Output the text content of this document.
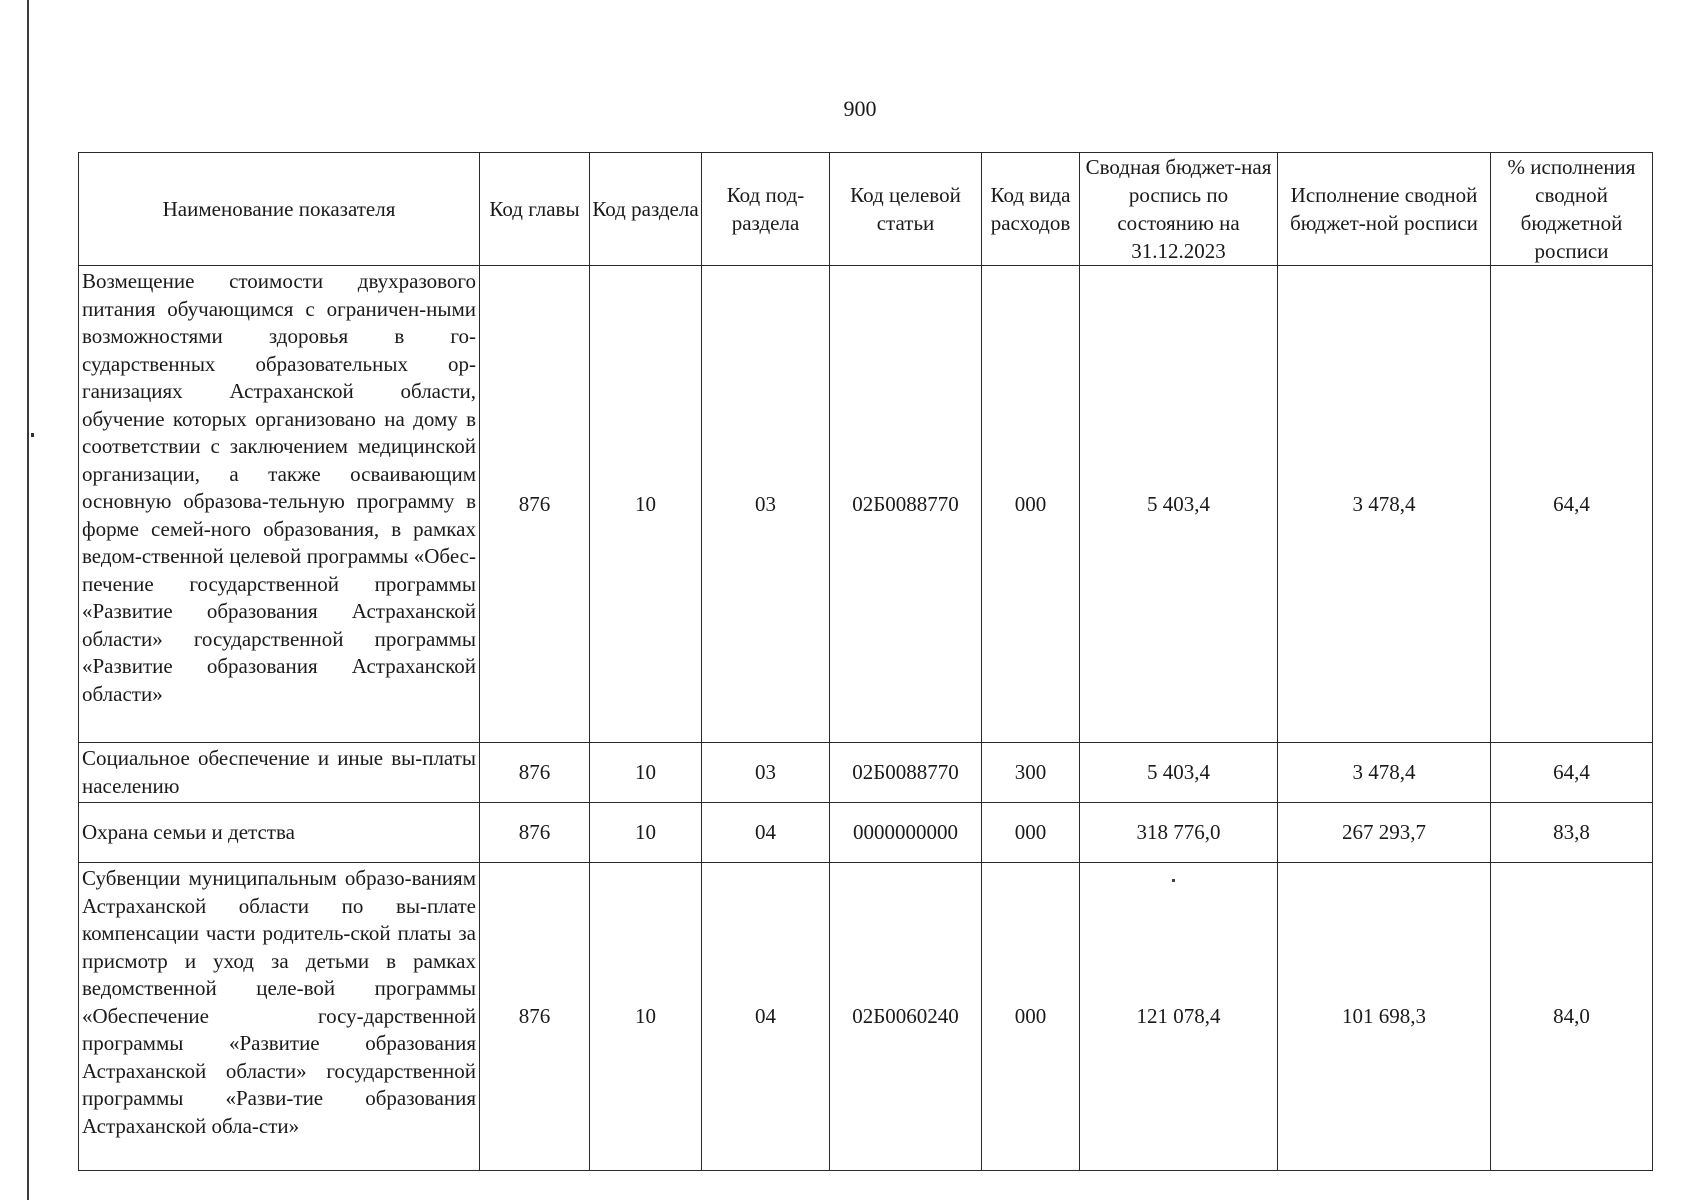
900
Наименование показателя	Код главы	Код раздела	Код под-раздела	Код целевой статьи	Код вида расходов	Сводная бюджет-ная роспись по состоянию на 31.12.2023	Исполнение сводной бюджет-ной росписи	% исполнения сводной бюджетной росписи
Возмещение стоимости двухразового питания обучающимся с ограничен-ными возможностями здоровья в го-сударственных образовательных ор-ганизациях Астраханской области, обучение которых организовано на дому в соответствии с заключением медицинской организации, а также осваивающим основную образова-тельную программу в форме семей-ного образования, в рамках ведом-ственной целевой программы «Обес-печение государственной программы «Развитие образования Астраханской области» государственной программы «Развитие образования Астраханской области»	876	10	03	02Б0088770	000	5 403,4	3 478,4	64,4
Социальное обеспечение и иные вы-платы населению	876	10	03	02Б0088770	300	5 403,4	3 478,4	64,4
Охрана семьи и детства	876	10	04	0000000000	000	318 776,0	267 293,7	83,8
Субвенции муниципальным образо-ваниям Астраханской области по вы-плате компенсации части родитель-ской платы за присмотр и уход за детьми в рамках ведомственной целе-вой программы «Обеспечение госу-дарственной программы «Развитие образования Астраханской области» государственной программы «Разви-тие образования Астраханской обла-сти»	876	10	04	02Б0060240	000	121 078,4	101 698,3	84,0
